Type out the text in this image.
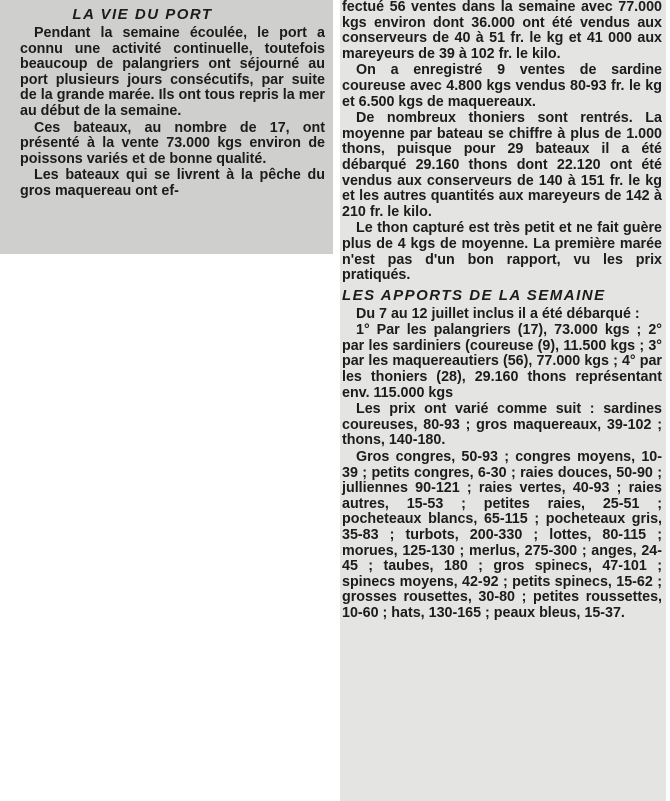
LA VIE DU PORT

Pendant la semaine écoulée, le port a connu une activité continuelle, toutefois beaucoup de palangriers ont séjourné au port plusieurs jours consécutifs, par suite de la grande marée. Ils ont tous repris la mer au début de la semaine.

Ces bateaux, au nombre de 17, ont présenté à la vente 73.000 kgs environ de poissons variés et de bonne qualité.

Les bateaux qui se livrent à la pêche du gros maquereau ont ef-

fectué 56 ventes dans la semaine avec 77.000 kgs environ dont 36.000 ont été vendus aux conserveurs de 40 à 51 fr. le kg et 41 000 aux mareyeurs de 39 à 102 fr. le kilo.

On a enregistré 9 ventes de sardine coureuse avec 4.800 kgs vendus 80-93 fr. le kg et 6.500 kgs de maquereaux.

De nombreux thoniers sont rentrés. La moyenne par bateau se chiffre à plus de 1.000 thons, puisque pour 29 bateaux il a été débarqué 29.160 thons dont 22.120 ont été vendus aux conserveurs de 140 à 151 fr. le kg et les autres quantités aux mareyeurs de 142 à 210 fr. le kilo.

Le thon capturé est très petit et ne fait guère plus de 4 kgs de moyenne. La première marée n'est pas d'un bon rapport, vu les prix pratiqués.

LES APPORTS DE LA SEMAINE

Du 7 au 12 juillet inclus il a été débarqué :

1° Par les palangriers (17), 73.000 kgs ; 2° par les sardiniers (coureuse (9), 11.500 kgs ; 3° par les maquereautiers (56), 77.000 kgs ; 4° par les thoniers (28), 29.160 thons représentant env. 115.000 kgs

Les prix ont varié comme suit : sardines coureuses, 80-93 ; gros maquereaux, 39-102 ; thons, 140-180.

Gros congres, 50-93 ; congres moyens, 10-39 ; petits congres, 6-30 ; raies douces, 50-90 ; julliennes 90-121 ; raies vertes, 40-93 ; raies autres, 15-53 ; petites raies, 25-51 ; pocheteaux blancs, 65-115 ; pocheteaux gris, 35-83 ; turbots, 200-330 ; lottes, 80-115 ; morues, 125-130 ; merlus, 275-300 ; anges, 24-45 ; taubes, 180 ; gros spinecs, 47-101 ; spinecs moyens, 42-92 ; petits spinecs, 15-62 ; grosses rousettes, 30-80 ; petites roussettes, 10-60 ; hats, 130-165 ; peaux bleus, 15-37.
